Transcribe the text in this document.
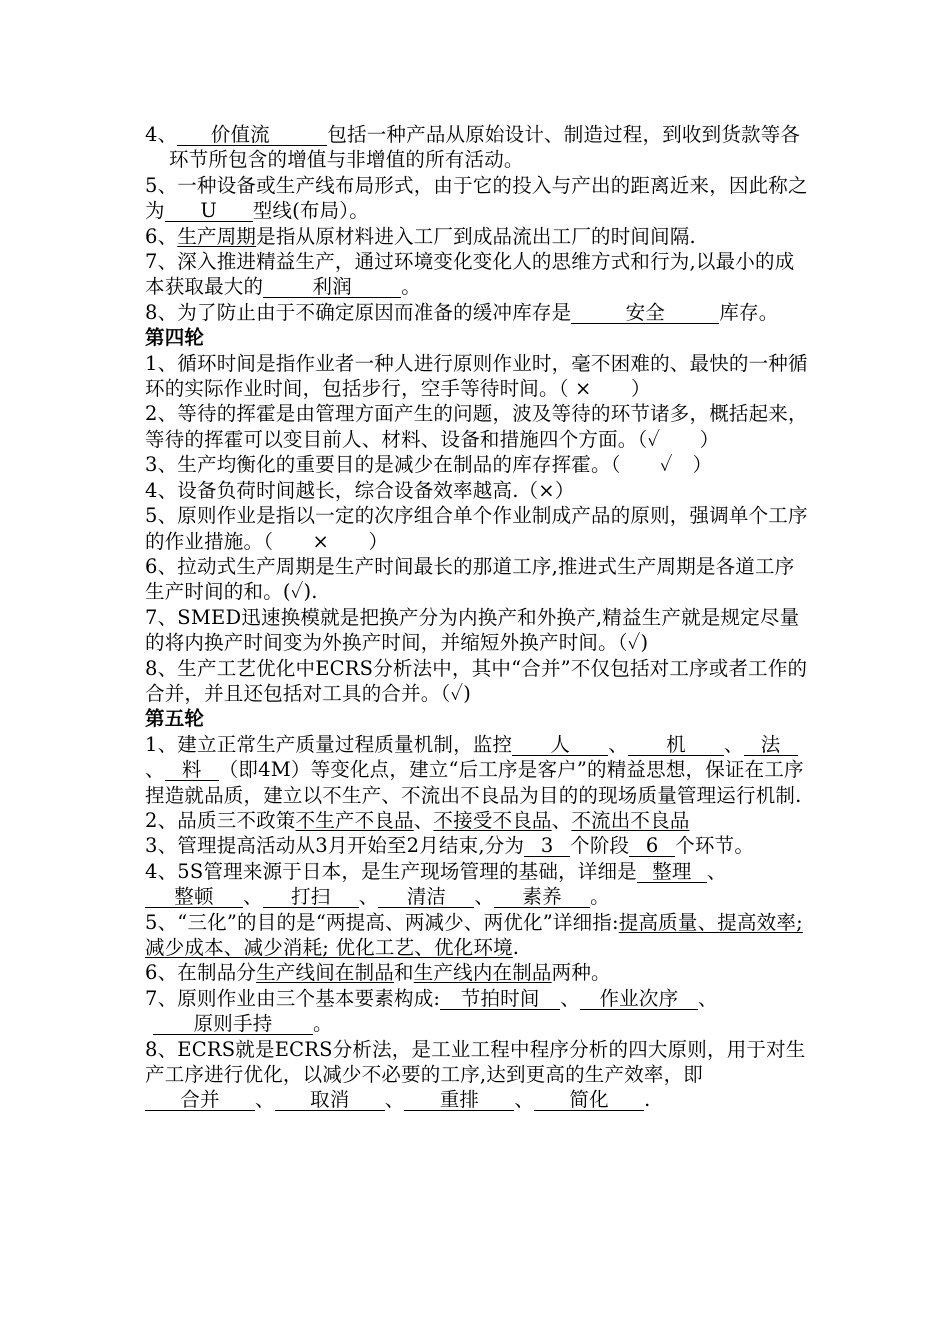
4、 价值流	包括一种产品从原始设计、制造过程，到收到货款等各环节所包含的增值与非增值的所有活动。

5、一种设备或生产线布局形式，由于它的投入与产出的距离近来，因此称之为 U 型线(布局）。

6、生产周期是指从原材料进入工厂到成品流出工厂的时间间隔.

7、深入推进精益生产，通过环境变化变化人的思维方式和行为,以最小的成本获取最大的	利润	。

8、为了防止由于不确定原因而准备的缓冲库存是	安全	库存。

第四轮

1、循环时间是指作业者一种人进行原则作业时，毫不困难的、最快的一种循环的实际作业时间，包括步行，空手等待时间。（ ×　　）

2、等待的挥霍是由管理方面产生的问题，波及等待的环节诸多，概括起来，等待的挥霍可以变目前人、材料、设备和措施四个方面。（✓　　）

3、生产均衡化的重要目的是减少在制品的库存挥霍。（　　✓　）

4、设备负荷时间越长，综合设备效率越高.（×）

5、原则作业是指以一定的次序组合单个作业制成产品的原则，强调单个工序的作业措施。（　　×　　）

6、拉动式生产周期是生产时间最长的那道工序,推进式生产周期是各道工序生产时间的和。(✓).

7、SMED迅速换模就是把换产分为内换产和外换产,精益生产就是规定尽量的将内换产时间变为外换产时间，并缩短外换产时间。（✓)

8、生产工艺优化中ECRS分析法中，其中“合并”不仅包括对工序或者工作的合并，并且还包括对工具的合并。（✓)

第五轮

1、建立正常生产质量过程质量机制，监控 人 、 机 、 法、 料 （即4M）等变化点，建立“后工序是客户”的精益思想，保证在工序捏造就品质，建立以不生产、不流出不良品为目的的现场质量管理运行机制.

2、品质三不政策不生产不良品、不接受不良品、不流出不良品

3、管理提高活动从3月开始至2月结束,分为 3 个阶段 6 个环节。

4、5S管理来源于日本，是生产现场管理的基础，详细是 整理 、整顿 、 打扫 、 清洁 、 素养 。

5、“三化”的目的是“两提高、两减少、两优化”详细指:提高质量、提高效率; 减少成本、减少消耗; 优化工艺、优化环境.

6、在制品分生产线间在制品和生产线内在制品两种。

7、原则作业由三个基本要素构成: 节拍时间 、 作业次序 、原则手持 。

8、ECRS就是ECRS分析法，是工业工程中程序分析的四大原则，用于对生产工序进行优化，以减少不必要的工序,达到更高的生产效率，即合并 、 取消 、 重排 、 简化 .
